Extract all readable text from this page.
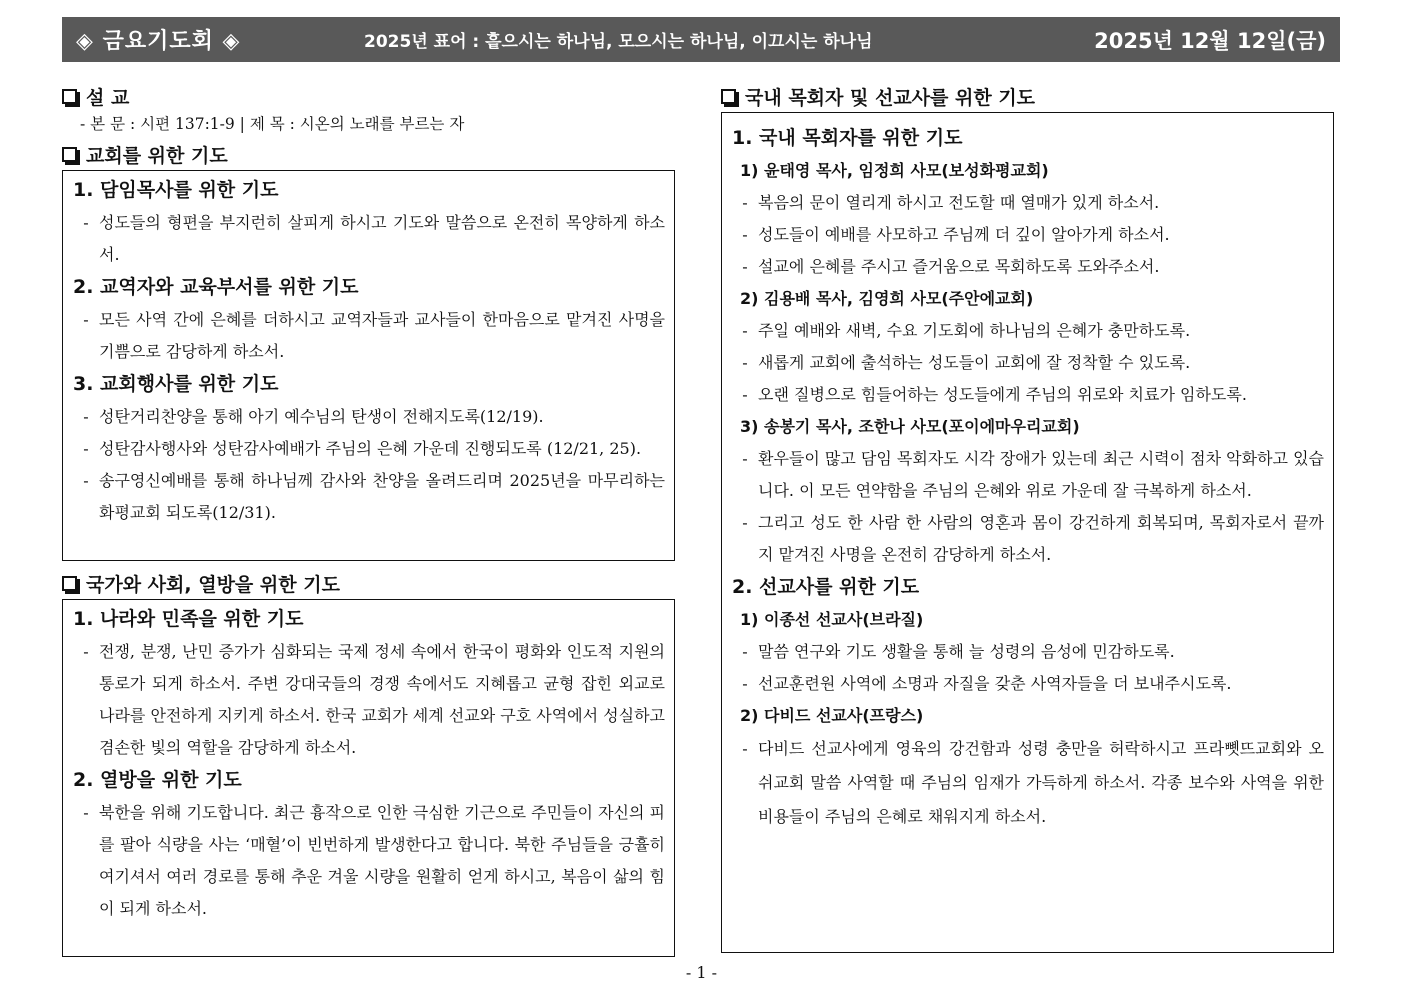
◈ 금요기도회 ◈	2025년 표어 : 흩으시는 하나님, 모으시는 하나님, 이끄시는 하나님	2025년 12월 12일(금)
설 교
- 본 문 : 시편 137:1-9 | 제 목 : 시온의 노래를 부르는 자
교회를 위한 기도
1. 담임목사를 위한 기도
- 성도들의 형편을 부지런히 살피게 하시고 기도와 말씀으로 온전히 목양하게 하소서.
2. 교역자와 교육부서를 위한 기도
- 모든 사역 간에 은혜를 더하시고 교역자들과 교사들이 한마음으로 맡겨진 사명을 기쁨으로 감당하게 하소서.
3. 교회행사를 위한 기도
- 성탄거리찬양을 통해 아기 예수님의 탄생이 전해지도록(12/19).
- 성탄감사행사와 성탄감사예배가 주님의 은혜 가운데 진행되도록 (12/21, 25).
- 송구영신예배를 통해 하나님께 감사와 찬양을 올려드리며 2025년을 마무리하는 화평교회 되도록(12/31).
국가와 사회, 열방을 위한 기도
1. 나라와 민족을 위한 기도
- 전쟁, 분쟁, 난민 증가가 심화되는 국제 정세 속에서 한국이 평화와 인도적 지원의 통로가 되게 하소서. 주변 강대국들의 경쟁 속에서도 지혜롭고 균형 잡힌 외교로 나라를 안전하게 지키게 하소서. 한국 교회가 세계 선교와 구호 사역에서 성실하고 겸손한 빛의 역할을 감당하게 하소서.
2. 열방을 위한 기도
- 북한을 위해 기도합니다. 최근 흉작으로 인한 극심한 기근으로 주민들이 자신의 피를 팔아 식량을 사는 ‘매혈’이 빈번하게 발생한다고 합니다. 북한 주님들을 긍휼히 여기셔서 여러 경로를 통해 추운 겨울 시량을 원활히 얻게 하시고, 복음이 삶의 힘이 되게 하소서.
국내 목회자 및 선교사를 위한 기도
1. 국내 목회자를 위한 기도
1) 윤태영 목사, 임정희 사모(보성화평교회)
- 복음의 문이 열리게 하시고 전도할 때 열매가 있게 하소서.
- 성도들이 예배를 사모하고 주님께 더 깊이 알아가게 하소서.
- 설교에 은혜를 주시고 즐거움으로 목회하도록 도와주소서.
2) 김용배 목사, 김영희 사모(주안에교회)
- 주일 예배와 새벽, 수요 기도회에 하나님의 은혜가 충만하도록.
- 새롭게 교회에 출석하는 성도들이 교회에 잘 정착할 수 있도록.
- 오랜 질병으로 힘들어하는 성도들에게 주님의 위로와 치료가 임하도록.
3) 송봉기 목사, 조한나 사모(포이에마우리교회)
- 환우들이 많고 담임 목회자도 시각 장애가 있는데 최근 시력이 점차 악화하고 있습니다. 이 모든 연약함을 주님의 은혜와 위로 가운데 잘 극복하게 하소서.
- 그리고 성도 한 사람 한 사람의 영혼과 몸이 강건하게 회복되며, 목회자로서 끝까지 맡겨진 사명을 온전히 감당하게 하소서.
2. 선교사를 위한 기도
1) 이종선 선교사(브라질)
- 말씀 연구와 기도 생활을 통해 늘 성령의 음성에 민감하도록.
- 선교훈련원 사역에 소명과 자질을 갖춘 사역자들을 더 보내주시도록.
2) 다비드 선교사(프랑스)
- 다비드 선교사에게 영육의 강건함과 성령 충만을 허락하시고 프라뼷뜨교회와 오쉬교회 말씀 사역할 때 주님의 임재가 가득하게 하소서. 각종 보수와 사역을 위한 비용들이 주님의 은혜로 채워지게 하소서.
- 1 -
